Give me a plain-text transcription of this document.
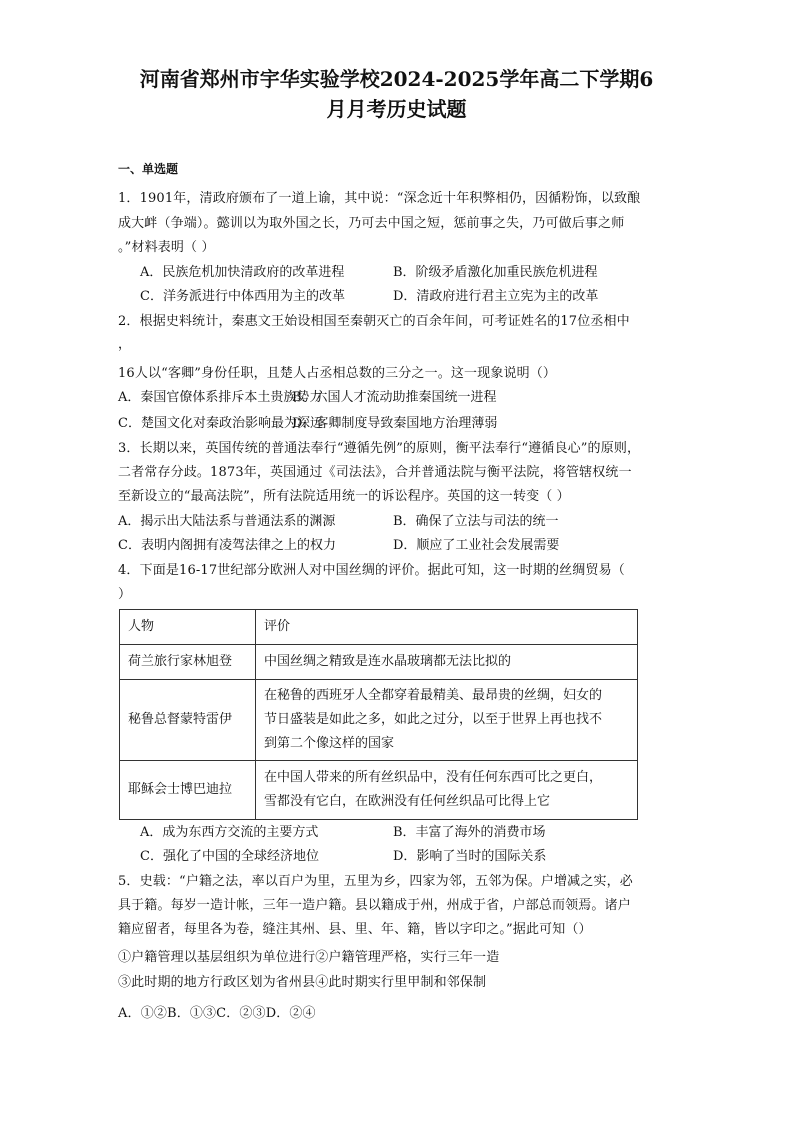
河南省郑州市宇华实验学校2024-2025学年高二下学期6
月月考历史试题
一、单选题
1．1901年，清政府颁布了一道上谕，其中说：“深念近十年积弊相仍，因循粉饰，以致酿
成大衅（争端）。懿训以为取外国之长，乃可去中国之短，惩前事之失，乃可做后事之师
。”材料表明（ ）
A．民族危机加快清政府的改革进程	B．阶级矛盾激化加重民族危机进程
C．洋务派进行中体西用为主的改革	D．清政府进行君主立宪为主的改革
2．根据史料统计，秦惠文王始设相国至秦朝灭亡的百余年间，可考证姓名的17位丞相中
，
16人以“客卿”身份任职，且楚人占丞相总数的三分之一。这一现象说明（）
A．秦国官僚体系排斥本土贵族势力
B．六国人才流动助推秦国统一进程
C．楚国文化对秦政治影响最为深远
D．客卿制度导致秦国地方治理薄弱
3．长期以来，英国传统的普通法奉行“遵循先例”的原则，衡平法奉行“遵循良心”的原则，
二者常存分歧。1873年，英国通过《司法法》，合并普通法院与衡平法院，将管辖权统一
至新设立的“最高法院”，所有法院适用统一的诉讼程序。英国的这一转变（ ）
A．揭示出大陆法系与普通法系的渊源	B．确保了立法与司法的统一
C．表明内阁拥有凌驾法律之上的权力	D．顺应了工业社会发展需要
4．下面是16-17世纪部分欧洲人对中国丝绸的评价。据此可知，这一时期的丝绸贸易（
）
人物	评价
荷兰旅行家林旭登	中国丝绸之精致是连水晶玻璃都无法比拟的

秘鲁总督蒙特雷伊	在秘鲁的西班牙人全都穿着最精美、最昂贵的丝绸，妇女的
节日盛装是如此之多，如此之过分，以至于世界上再也找不
到第二个像这样的国家

耶稣会士博巴迪拉	在中国人带来的所有丝织品中，没有任何东西可比之更白，
雪都没有它白，在欧洲没有任何丝织品可比得上它
A．成为东西方交流的主要方式	B．丰富了海外的消费市场
C．强化了中国的全球经济地位	D．影响了当时的国际关系
5．史载：“户籍之法，率以百户为里，五里为乡，四家为邻，五邻为保。户增减之实，必
具于籍。每岁一造计帐，三年一造户籍。县以籍成于州，州成于省，户部总而领焉。诸户
籍应留者，每里各为卷，缝注其州、县、里、年、籍，皆以字印之。”据此可知（）
①户籍管理以基层组织为单位进行②户籍管理严格，实行三年一造
③此时期的地方行政区划为省州县④此时期实行里甲制和邻保制
A．①②B．①③C．②③D．②④
